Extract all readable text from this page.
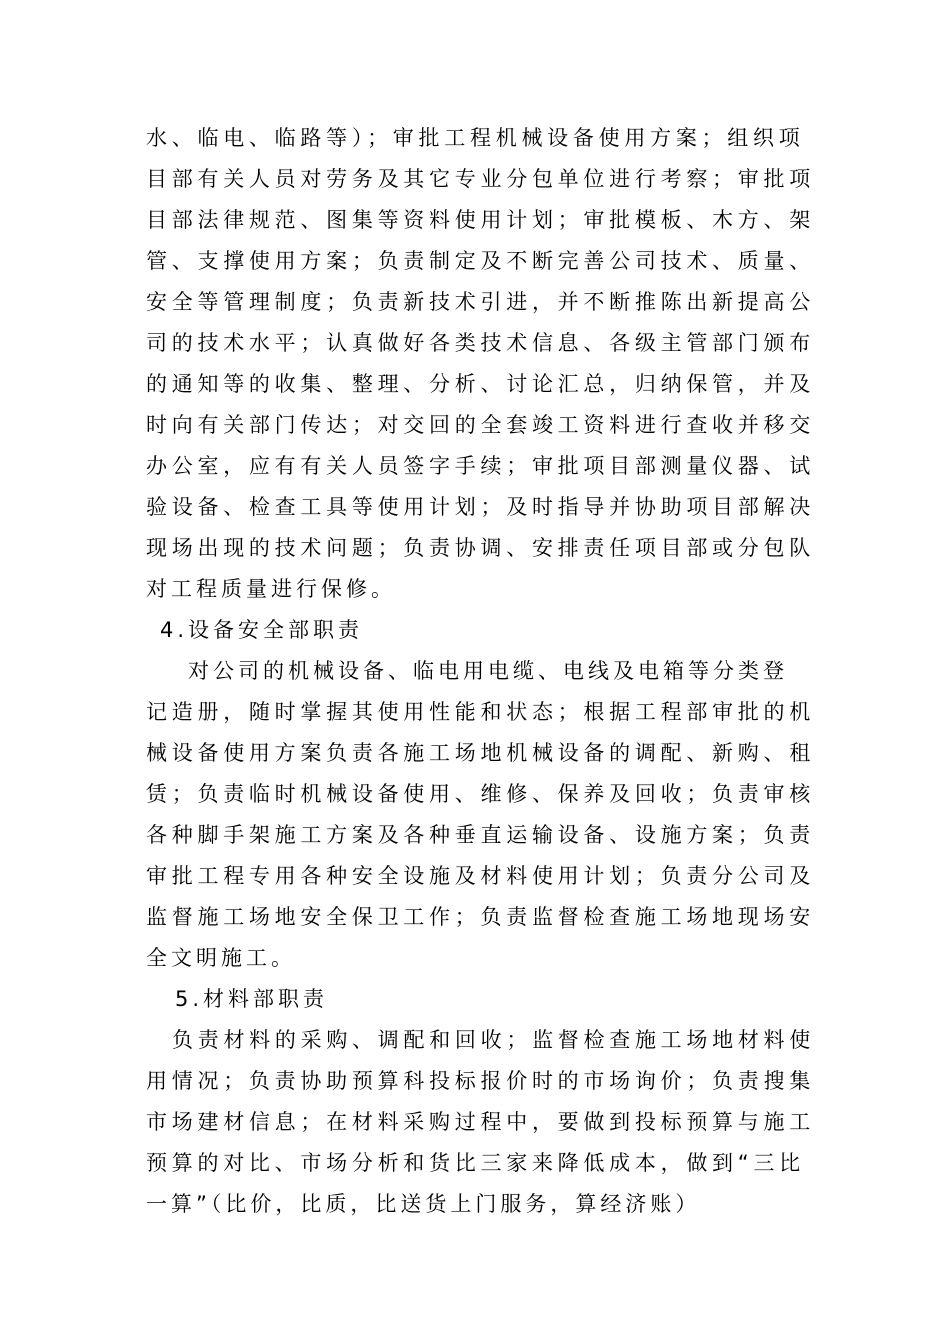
水、临电、临路等）；审批工程机械设备使用方案；组织项
目部有关人员对劳务及其它专业分包单位进行考察；审批项
目部法律规范、图集等资料使用计划；审批模板、木方、架
管、支撑使用方案；负责制定及不断完善公司技术、质量、
安全等管理制度；负责新技术引进，并不断推陈出新提高公
司的技术水平；认真做好各类技术信息、各级主管部门颁布
的通知等的收集、整理、分析、讨论汇总，归纳保管，并及
时向有关部门传达；对交回的全套竣工资料进行查收并移交
办公室，应有有关人员签字手续；审批项目部测量仪器、试
验设备、检查工具等使用计划；及时指导并协助项目部解决
现场出现的技术问题；负责协调、安排责任项目部或分包队
对工程质量进行保修。
4.设备安全部职责
对公司的机械设备、临电用电缆、电线及电箱等分类登
记造册，随时掌握其使用性能和状态；根据工程部审批的机
械设备使用方案负责各施工场地机械设备的调配、新购、租
赁；负责临时机械设备使用、维修、保养及回收；负责审核
各种脚手架施工方案及各种垂直运输设备、设施方案；负责
审批工程专用各种安全设施及材料使用计划；负责分公司及
监督施工场地安全保卫工作；负责监督检查施工场地现场安
全文明施工。
5.材料部职责
负责材料的采购、调配和回收；监督检查施工场地材料使
用情况；负责协助预算科投标报价时的市场询价；负责搜集
市场建材信息；在材料采购过程中，要做到投标预算与施工
预算的对比、市场分析和货比三家来降低成本，做到“三比
一算”（比价，比质，比送货上门服务，算经济账）
